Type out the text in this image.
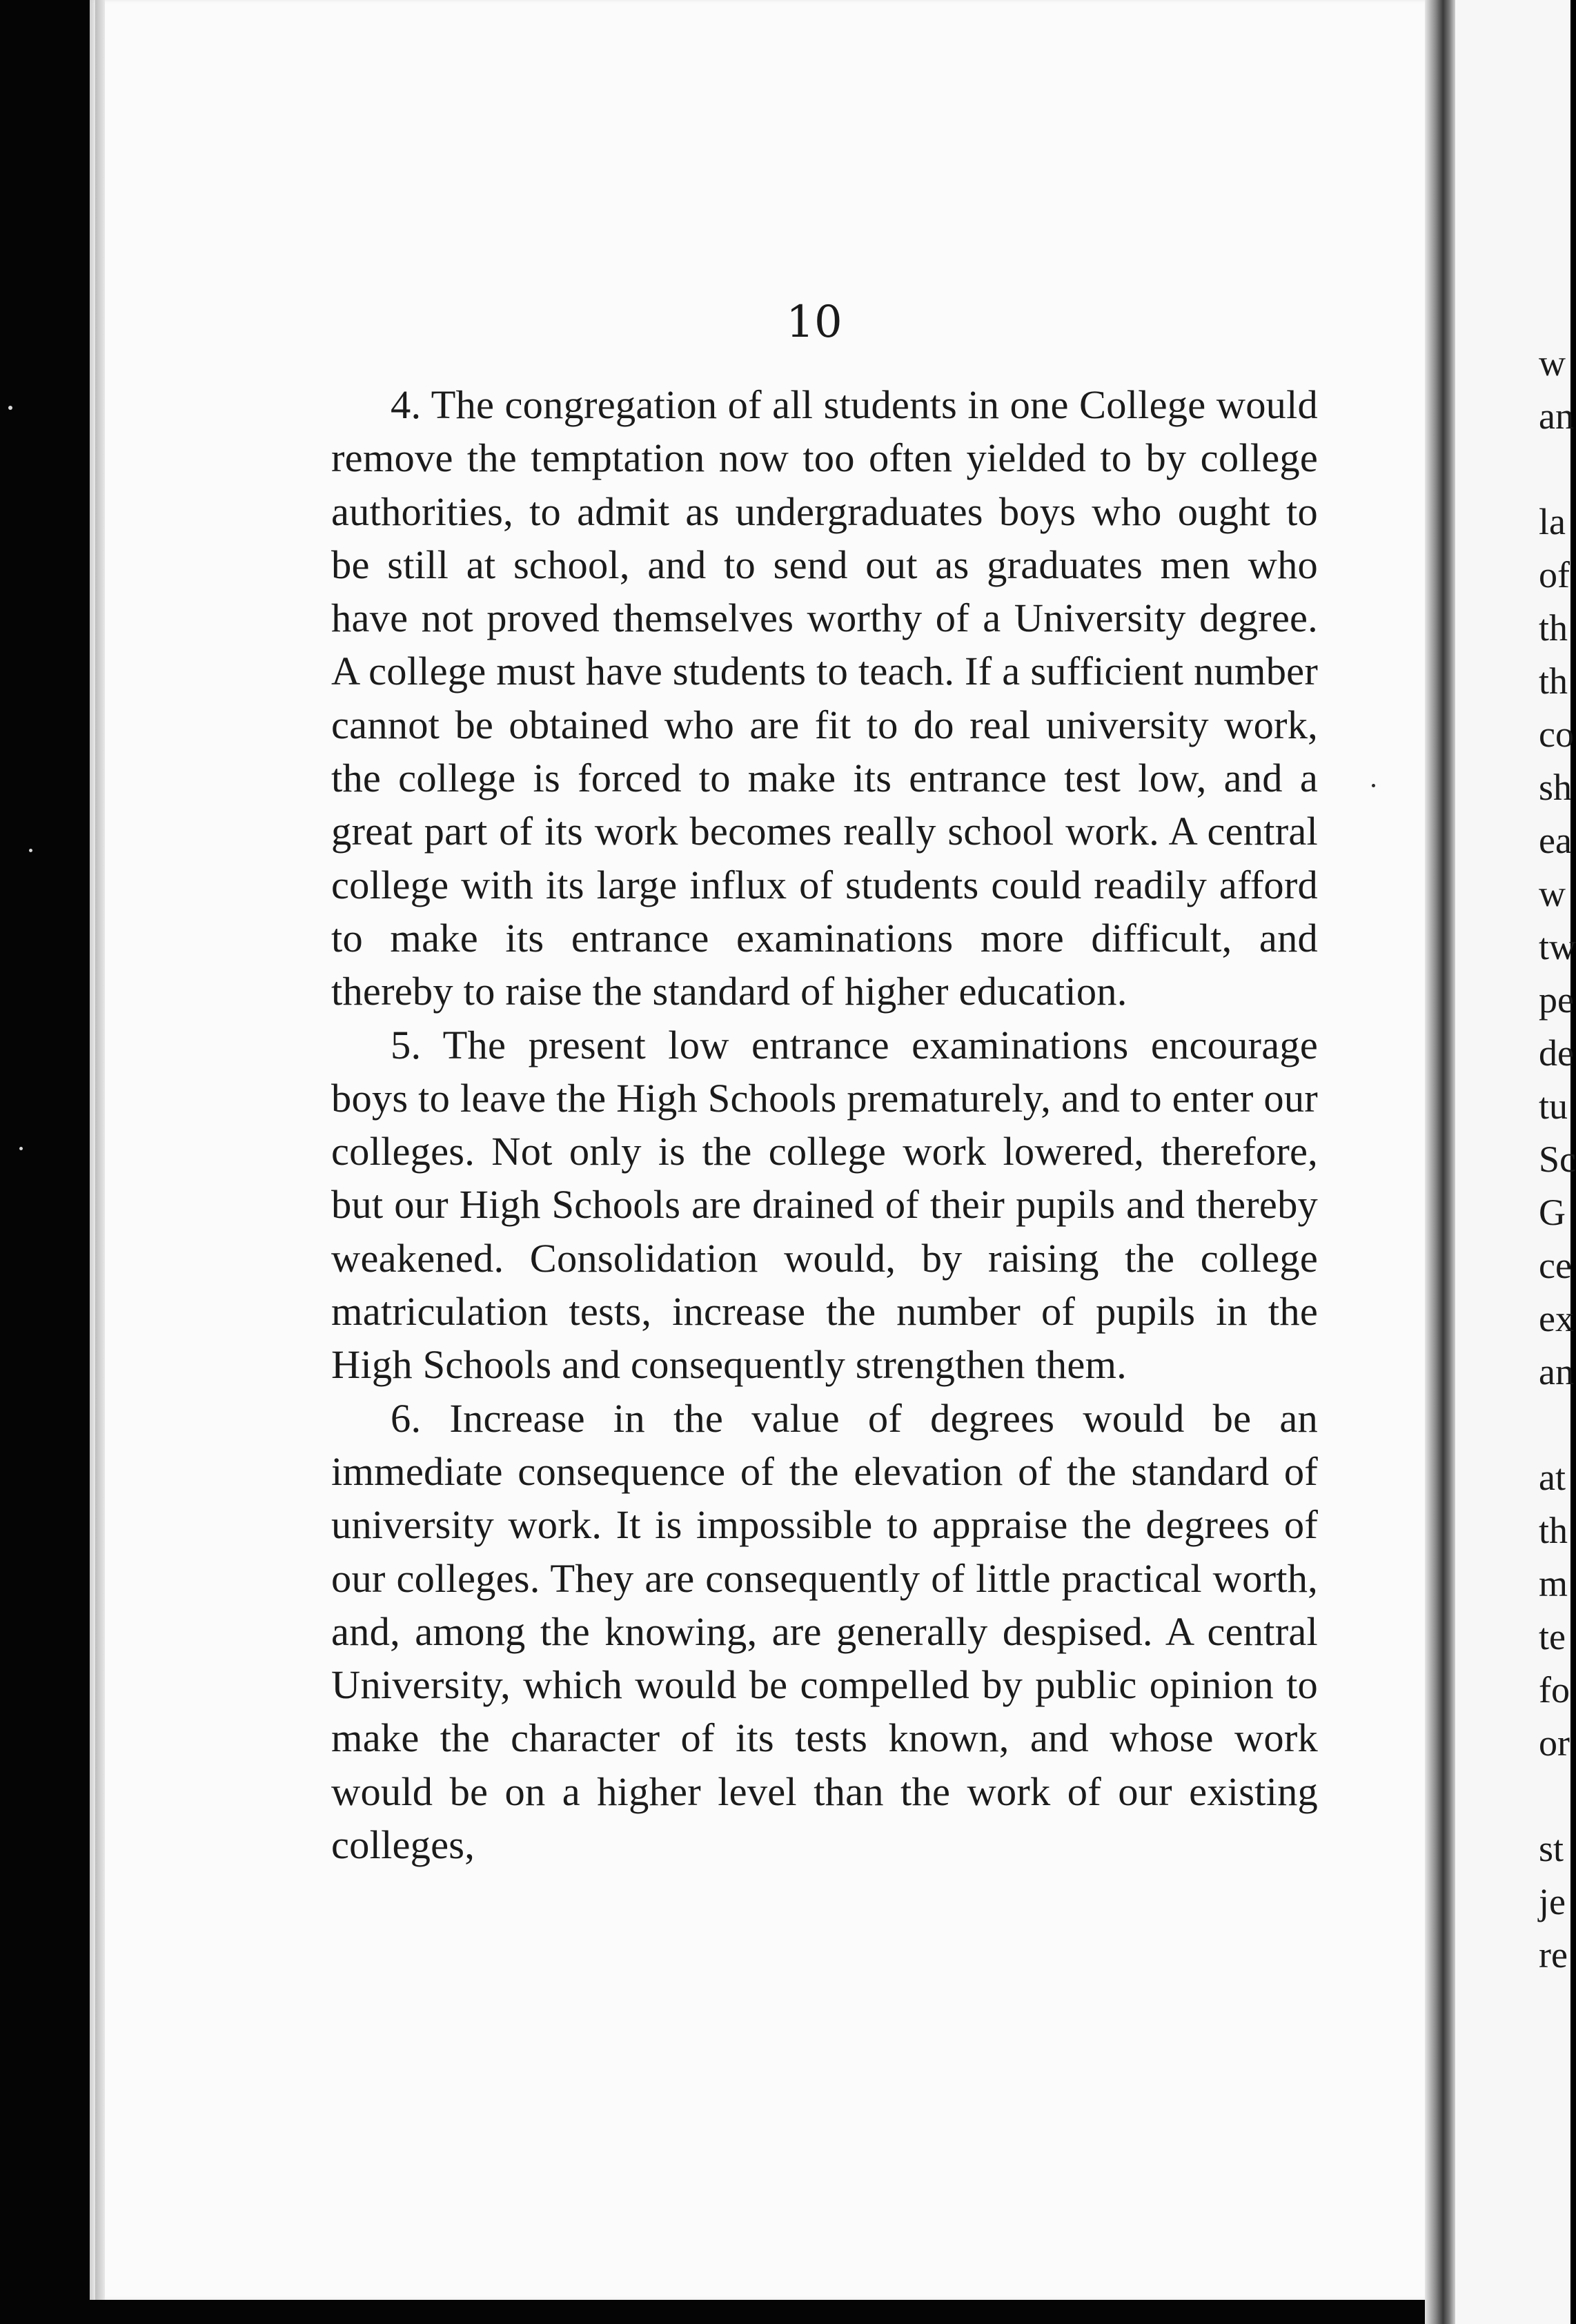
10

4. The congregation of all students in one College would remove the temptation now too often yielded to by college authorities, to admit as undergraduates boys who ought to be still at school, and to send out as graduates men who have not proved themselves worthy of a University degree. A college must have students to teach. If a sufficient number cannot be obtained who are fit to do real university work, the college is forced to make its entrance test low, and a great part of its work becomes really school work. A central college with its large influx of students could readily afford to make its entrance examinations more difficult, and thereby to raise the standard of higher education.

5. The present low entrance examinations encourage boys to leave the High Schools prematurely, and to enter our colleges. Not only is the college work lowered, therefore, but our High Schools are drained of their pupils and thereby weakened. Consolidation would, by raising the college matriculation tests, increase the number of pupils in the High Schools and consequently strengthen them.

6. Increase in the value of degrees would be an immediate consequence of the elevation of the standard of university work. It is impossible to appraise the degrees of our colleges. They are consequently of little practical worth, and, among the knowing, are generally despised. A central University, which would be compelled by public opinion to make the character of its tests known, and whose work would be on a higher level than the work of our existing colleges,

w
an
la
of
th
th
co
sh
ea
w
tw
pe
de
tu
Sc
G
ce
ex
an
at
th
m
te
fo
or
st
je
re
